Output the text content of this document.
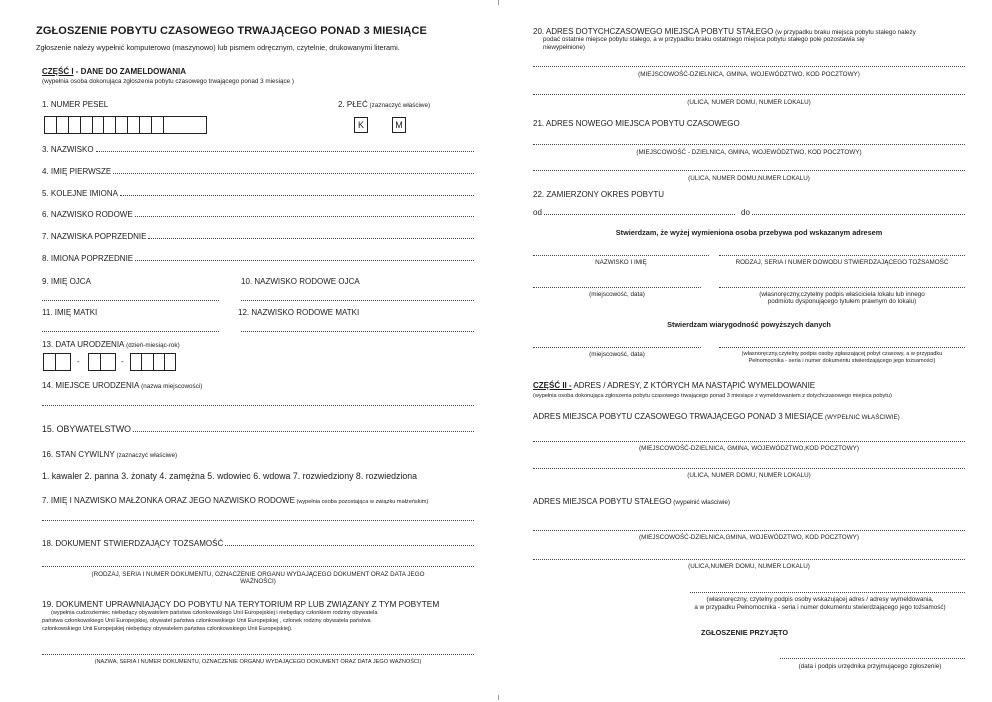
ZGŁOSZENIE POBYTU CZASOWEGO TRWAJĄCEGO PONAD 3 MIESIĄCE
Zgłoszenie należy wypełnić komputerowo (maszynowo) lub pismem odręcznym, czytelnie, drukowanymi literami.
CZĘŚĆ I - DANE DO ZAMELDOWANIA
(wypełnia osoba dokonująca zgłoszenia pobytu czasowego trwającego ponad 3 miesiące )
1. NUMER PESEL	2. PŁEĆ (zaznaczyć właściwe)
K	M
3. NAZWISKO
4. IMIĘ PIERWSZE
5. KOLEJNE IMIONA
6. NAZWISKO RODOWE
7. NAZWISKA POPRZEDNIE
8. IMIONA POPRZEDNIE
9. IMIĘ OJCA	10. NAZWISKO RODOWE OJCA
11. IMIĘ MATKI	12. NAZWISKO RODOWE MATKI
13. DATA URODZENIA (dzień-miesiąc-rok)
-	-
14. MIEJSCE URODZENIA (nazwa miejscowości)
15. OBYWATELSTWO
16. STAN CYWILNY (zaznaczyć właściwe)
1. kawaler 2. panna 3. żonaty 4. zamężna 5. wdowiec 6. wdowa 7. rozwiedziony 8. rozwiedziona
7. IMIĘ I NAZWISKO MAŁŻONKA ORAZ JEGO NAZWISKO RODOWE (wypełnia osoba pozostająca w związku małżeńskim)
18. DOKUMENT STWIERDZAJĄCY TOŻSAMOŚĆ
(RODZAJ, SERIA I NUMER DOKUMENTU, OZNACZENIE ORGANU WYDAJĄCEGO DOKUMENT ORAZ DATA JEGO
WAŻNOŚCI)
19. DOKUMENT UPRAWNIAJĄCY DO POBYTU NA TERYTORIUM RP LUB ZWIĄZANY Z TYM POBYTEM
(wypełnia cudzoziemiec niebędący obywatelem państwa członkowskiego Unii Europejskiej i niebędący członkiem rodziny obywatela
państwa członkowskiego Unii Europejskiej, obywatel państwa członkowskiego Unii Europejskiej , członek rodziny obywatela państwa
członkowskiego Unii Europejskiej niebędący obywatelem państwa członkowskiego Unii Europejskiej).
(NAZWA, SERIA I NUMER DOKUMENTU, OZNACZENIE ORGANU WYDAJĄCEGO DOKUMENT ORAZ DATA JEGO WAŻNOŚCI)
20. ADRES DOTYCHCZASOWEGO MIEJSCA POBYTU STAŁEGO (w przypadku braku miejsca pobytu stałego należy
podać ostatnie miejsce pobytu stałego, a w przypadku braku ostatniego miejsca pobytu stałego pole pozostawia się
niewypełnione)
(MIEJSCOWOŚĆ-DZIELNICA, GMINA, WOJEWÓDZTWO, KOD POCZTOWY)
(ULICA, NUMER DOMU, NUMER LOKALU)
21. ADRES NOWEGO MIEJSCA POBYTU CZASOWEGO
(MIEJSCOWOŚĆ - DZIELNICA, GMINA, WOJEWÓDZTWO, KOD POCZTOWY)
(ULICA, NUMER DOMU,NUMER LOKALU)
22. ZAMIERZONY OKRES POBYTU
od	do
Stwierdzam, że wyżej wymieniona osoba przebywa pod wskazanym adresem
NAZWISKO I IMIĘ	RODZAJ, SERIA I NUMER DOWODU STWIERDZAJĄCEGO TOŻSAMOŚĆ
(miejscowość, data)	(własnoręczny,czytelny podpis właściciela lokalu lub innego
podmiotu dysponującego tytułem prawnym do lokalu)
Stwierdzam wiarygodność powyższych danych
(miejscowość, data)	(własnoręczny,czytelny podpis osoby zgłaszającej pobyt czasowy, a w przypadku
Pełnomocnika - seria i numer dokumentu stwierdzającego jego tożsamości)
CZĘŚĆ II - ADRES / ADRESY, Z KTÓRYCH MA NASTĄPIĆ WYMELDOWANIE
(wypełnia osoba dokonująca zgłoszenia pobytu czasowego trwającego ponad 3 miesiące z wymeldowaniem z dotychczasowego miejsca pobytu)
ADRES MIEJSCA POBYTU CZASOWEGO TRWAJĄCEGO PONAD 3 MIESIĄCE (WYPEŁNIĆ WŁAŚCIWIE)
(MIEJSCOWOŚĆ-DZIELNICA, GMINA, WOJEWÓDZTWO,KOD POCZTOWY)
(ULICA, NUMER DOMU, NUMER LOKALU)
ADRES MIEJSCA POBYTU STAŁEGO (wypełnić właściwie)
(MIEJSCOWOŚĆ-DZIELNICA,GMINA, WOJEWÓDZTWO, KOD POCZTOWY)
(ULICA,NUMER DOMU, NUMER LOKALU)
(własnoręczny, czytelny podpis osoby wskazującej adres / adresy wymeldowania,
a w przypadku Pełnomocnika - seria i numer dokumentu stwierdzającego jego tożsamość)
ZGŁOSZENIE PRZYJĘTO
(data i podpis urzędnika przyjmującego zgłoszenie)
